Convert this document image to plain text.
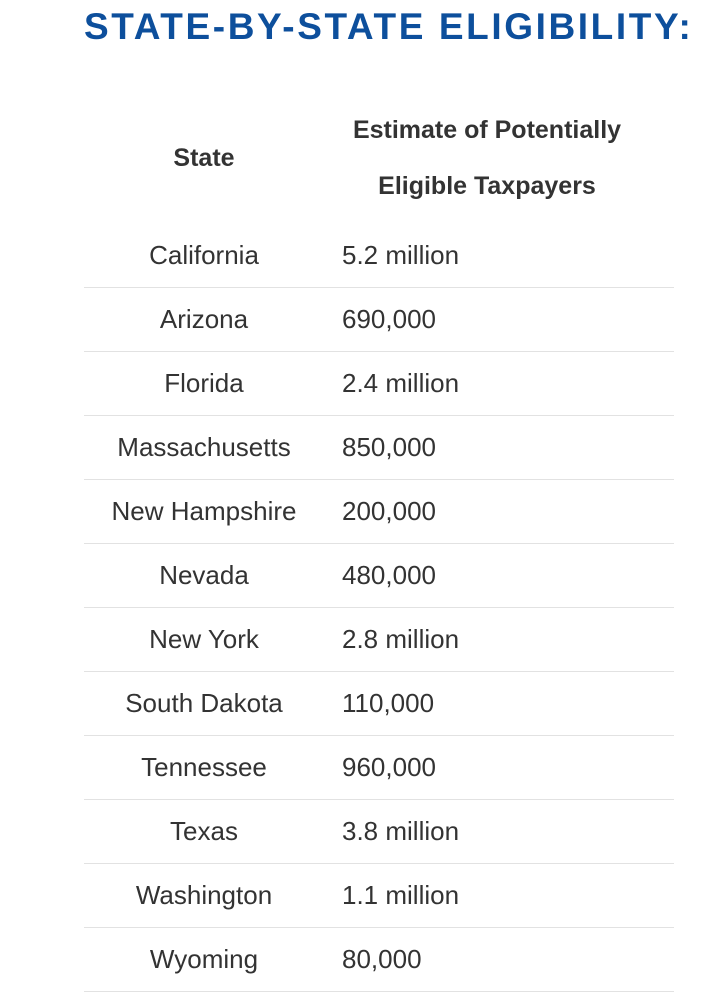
STATE-BY-STATE ELIGIBILITY:
State	Estimate of Potentially
Eligible Taxpayers
California	5.2 million
Arizona	690,000
Florida	2.4 million
Massachusetts	850,000
New Hampshire	200,000
Nevada	480,000
New York	2.8 million
South Dakota	110,000
Tennessee	960,000
Texas	3.8 million
Washington	1.1 million
Wyoming	80,000
